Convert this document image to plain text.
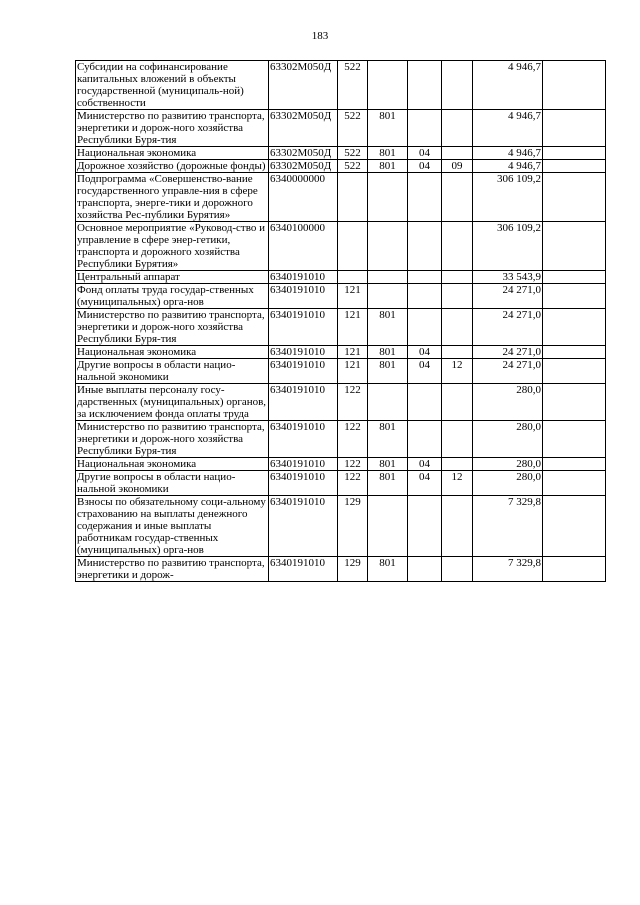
183
Субсидии на софинансирование капитальных вложений в объекты государственной (муниципаль-ной) собственности	63302М050Д	522				4 946,7	
Министерство по развитию транспорта, энергетики и дорож-ного хозяйства Республики Буря-тия	63302М050Д	522	801			4 946,7	
Национальная экономика	63302М050Д	522	801	04		4 946,7	
Дорожное хозяйство (дорожные фонды)	63302М050Д	522	801	04	09	4 946,7	
Подпрограмма «Совершенство-вание государственного управле-ния в сфере транспорта, энерге-тики и дорожного хозяйства Рес-публики Бурятия»	6340000000					306 109,2	
Основное мероприятие «Руковод-ство и управление в сфере энер-гетики, транспорта и дорожного хозяйства Республики Бурятия»	6340100000					306 109,2	
Центральный аппарат	6340191010					33 543,9	
Фонд оплаты труда государ-ственных (муниципальных) орга-нов	6340191010	121				24 271,0	
Министерство по развитию транспорта, энергетики и дорож-ного хозяйства Республики Буря-тия	6340191010	121	801			24 271,0	
Национальная экономика	6340191010	121	801	04		24 271,0	
Другие вопросы в области нацио-нальной экономики	6340191010	121	801	04	12	24 271,0	
Иные выплаты персоналу госу-дарственных (муниципальных) органов, за исключением фонда оплаты труда	6340191010	122				280,0	
Министерство по развитию транспорта, энергетики и дорож-ного хозяйства Республики Буря-тия	6340191010	122	801			280,0	
Национальная экономика	6340191010	122	801	04		280,0	
Другие вопросы в области нацио-нальной экономики	6340191010	122	801	04	12	280,0	
Взносы по обязательному соци-альному страхованию на выплаты денежного содержания и иные выплаты работникам государ-ственных (муниципальных) орга-нов	6340191010	129				7 329,8	
Министерство по развитию транспорта, энергетики и дорож-	6340191010	129	801			7 329,8	
